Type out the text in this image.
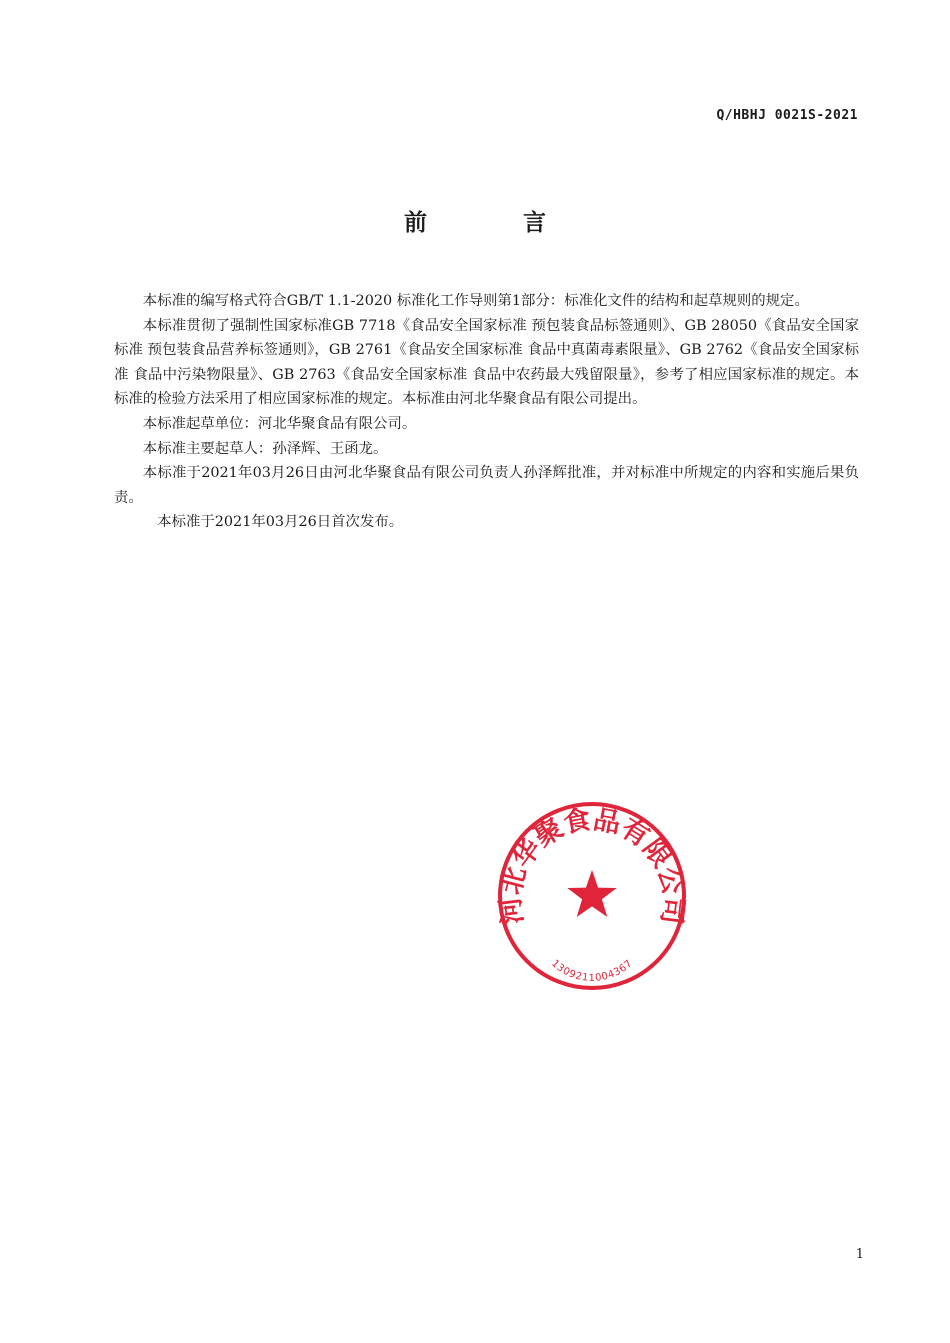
Q/HBHJ 0021S-2021
前	言

本标准的编写格式符合GB/T 1.1-2020 标准化工作导则第1部分：标准化文件的结构和起草规则的规定。

本标准贯彻了强制性国家标准GB 7718《食品安全国家标准 预包装食品标签通则》、GB 28050《食品安全国家标准 预包装食品营养标签通则》，GB 2761《食品安全国家标准 食品中真菌毒素限量》、GB 2762《食品安全国家标准 食品中污染物限量》、GB 2763《食品安全国家标准 食品中农药最大残留限量》，参考了相应国家标准的规定。本标准的检验方法采用了相应国家标准的规定。本标准由河北华聚食品有限公司提出。

本标准起草单位：河北华聚食品有限公司。

本标准主要起草人：孙泽辉、王函龙。

本标准于2021年03月26日由河北华聚食品有限公司负责人孙泽辉批准，并对标准中所规定的内容和实施后果负责。

本标准于2021年03月26日首次发布。

河北华聚食品有限公司
1309211004367
1
